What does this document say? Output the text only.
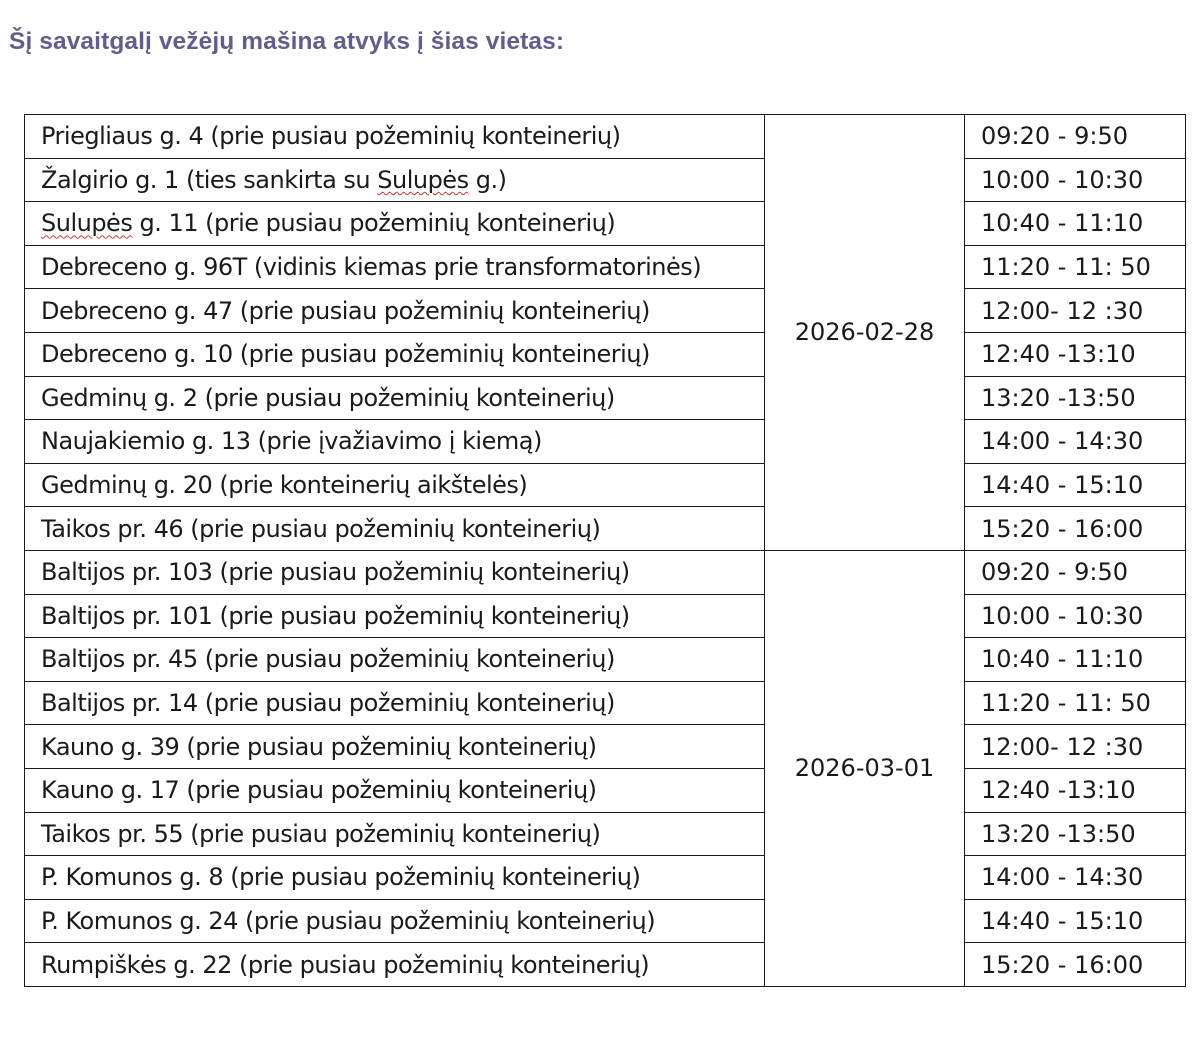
Šį savaitgalį vežėjų mašina atvyks į šias vietas:
Priegliaus g. 4 (prie pusiau požeminių konteinerių)	2026-02-28	09:20 - 9:50
Žalgirio g. 1 (ties sankirta su Sulupės g.)		10:00 - 10:30
Sulupės g. 11 (prie pusiau požeminių konteinerių)		10:40 - 11:10
Debreceno g. 96T (vidinis kiemas prie transformatorinės)		11:20 - 11: 50
Debreceno g. 47 (prie pusiau požeminių konteinerių)		12:00- 12 :30
Debreceno g. 10 (prie pusiau požeminių konteinerių)		12:40 -13:10
Gedminų g. 2 (prie pusiau požeminių konteinerių)		13:20 -13:50
Naujakiemio g. 13 (prie įvažiavimo į kiemą)		14:00 - 14:30
Gedminų g. 20 (prie konteinerių aikštelės)		14:40 - 15:10
Taikos pr. 46 (prie pusiau požeminių konteinerių)		15:20 - 16:00
Baltijos pr. 103 (prie pusiau požeminių konteinerių)	2026-03-01	09:20 - 9:50
Baltijos pr. 101 (prie pusiau požeminių konteinerių)		10:00 - 10:30
Baltijos pr. 45 (prie pusiau požeminių konteinerių)		10:40 - 11:10
Baltijos pr. 14 (prie pusiau požeminių konteinerių)		11:20 - 11: 50
Kauno g. 39 (prie pusiau požeminių konteinerių)		12:00- 12 :30
Kauno g. 17 (prie pusiau požeminių konteinerių)		12:40 -13:10
Taikos pr. 55 (prie pusiau požeminių konteinerių)		13:20 -13:50
P. Komunos g. 8 (prie pusiau požeminių konteinerių)		14:00 - 14:30
P. Komunos g. 24 (prie pusiau požeminių konteinerių)		14:40 - 15:10
Rumpiškės g. 22 (prie pusiau požeminių konteinerių)		15:20 - 16:00
